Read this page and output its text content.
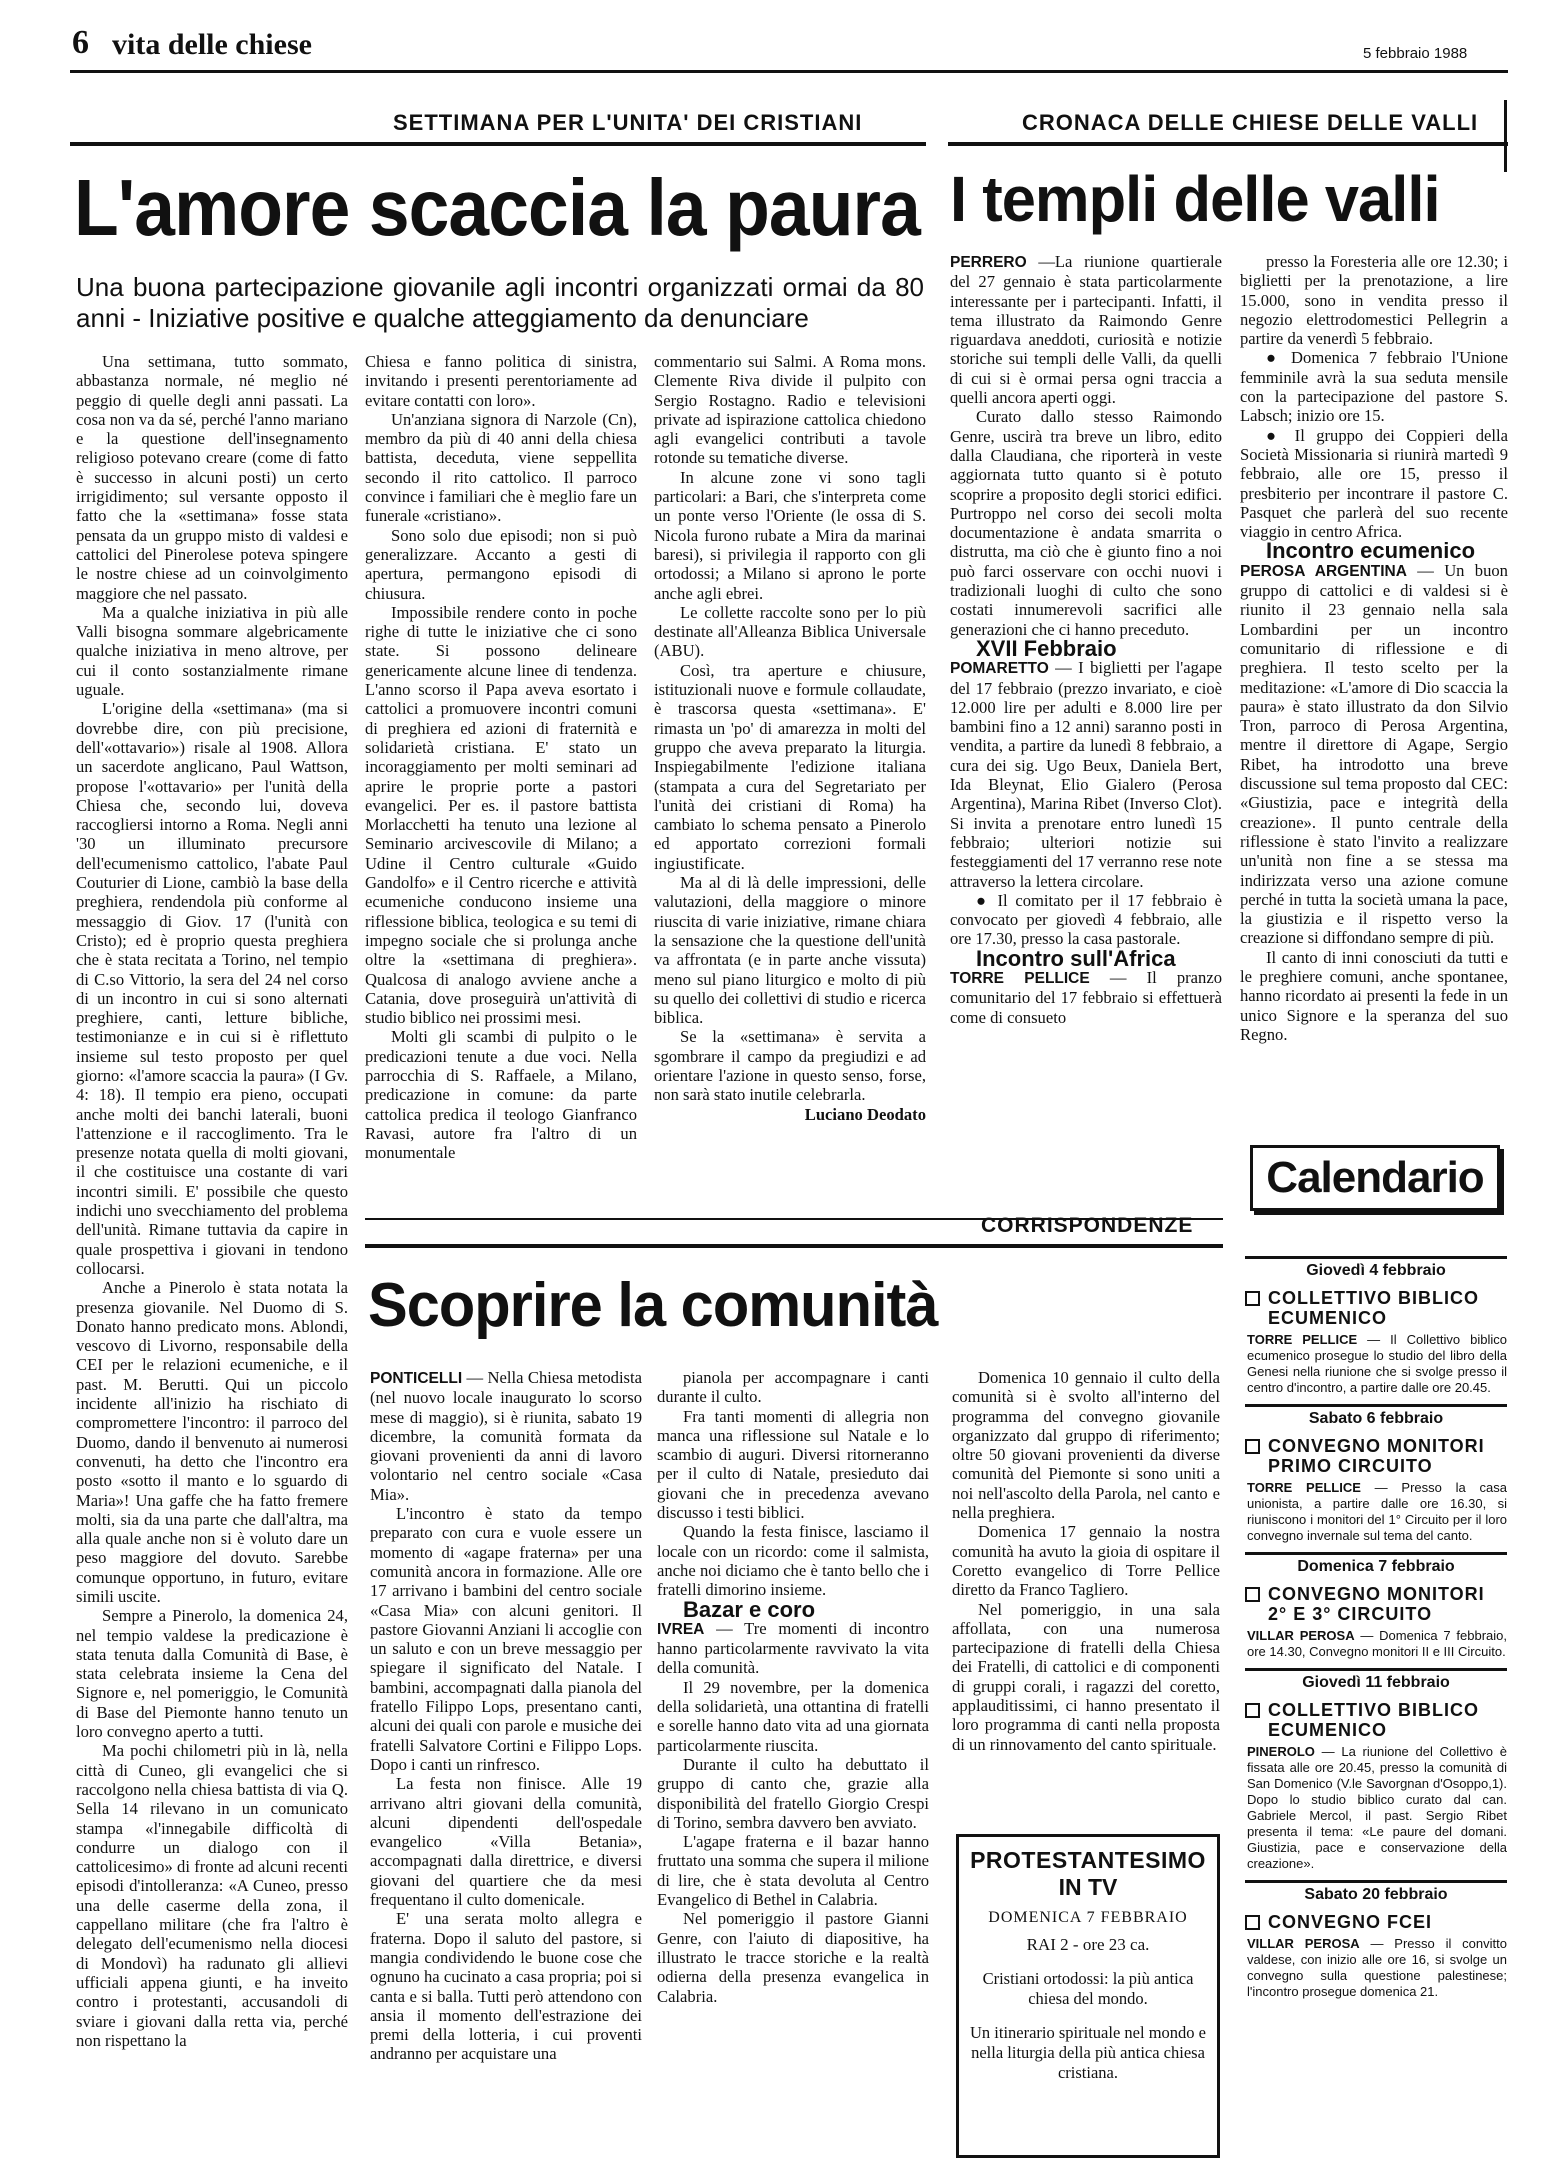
6 vita delle chiese	5 febbraio 1988
SETTIMANA PER L'UNITA' DEI CRISTIANI
L'amore scaccia la paura
Una buona partecipazione giovanile agli incontri organizzati ormai da 80 anni - Iniziative positive e qualche atteggiamento da denunciare

Una settimana, tutto sommato, abbastanza normale, né meglio né peggio di quelle degli anni passati. La cosa non va da sé, perché l'anno mariano e la questione dell'insegnamento religioso potevano creare (come di fatto è successo in alcuni posti) un certo irrigidimento; sul versante opposto il fatto che la «settimana» fosse stata pensata da un gruppo misto di valdesi e cattolici del Pinerolese poteva spingere le nostre chiese ad un coinvolgimento maggiore che nel passato.

Ma a qualche iniziativa in più alle Valli bisogna sommare algebricamente qualche iniziativa in meno altrove, per cui il conto sostanzialmente rimane uguale.

L'origine della «settimana» (ma si dovrebbe dire, con più precisione, dell'«ottavario») risale al 1908. Allora un sacerdote anglicano, Paul Wattson, propose l'«ottavario» per l'unità della Chiesa che, secondo lui, doveva raccogliersi intorno a Roma. Negli anni '30 un illuminato precursore dell'ecumenismo cattolico, l'abate Paul Couturier di Lione, cambiò la base della preghiera, rendendola più conforme al messaggio di Giov. 17 (l'unità con Cristo); ed è proprio questa preghiera che è stata recitata a Torino, nel tempio di C.so Vittorio, la sera del 24 nel corso di un incontro in cui si sono alternati preghiere, canti, letture bibliche, testimonianze e in cui si è riflettuto insieme sul testo proposto per quel giorno: «l'amore scaccia la paura» (I Gv. 4: 18). Il tempio era pieno, occupati anche molti dei banchi laterali, buoni l'attenzione e il raccoglimento. Tra le presenze notata quella di molti giovani, il che costituisce una costante di vari incontri simili. E' possibile che questo indichi uno svecchiamento del problema dell'unità. Rimane tuttavia da capire in quale prospettiva i giovani in tendono collocarsi.

Anche a Pinerolo è stata notata la presenza giovanile. Nel Duomo di S. Donato hanno predicato mons. Ablondi, vescovo di Livorno, responsabile della CEI per le relazioni ecumeniche, e il past. M. Berutti. Qui un piccolo incidente all'inizio ha rischiato di compromettere l'incontro: il parroco del Duomo, dando il benvenuto ai numerosi convenuti, ha detto che l'incontro era posto «sotto il manto e lo sguardo di Maria»! Una gaffe che ha fatto fremere molti, sia da una parte che dall'altra, ma alla quale anche non si è voluto dare un peso maggiore del dovuto. Sarebbe comunque opportuno, in futuro, evitare simili uscite.

Sempre a Pinerolo, la domenica 24, nel tempio valdese la predicazione è stata tenuta dalla Comunità di Base, è stata celebrata insieme la Cena del Signore e, nel pomeriggio, le Comunità di Base del Piemonte hanno tenuto un loro convegno aperto a tutti.

Ma pochi chilometri più in là, nella città di Cuneo, gli evangelici che si raccolgono nella chiesa battista di via Q. Sella 14 rilevano in un comunicato stampa «l'innegabile difficoltà di condurre un dialogo con il cattolicesimo» di fronte ad alcuni recenti episodi d'intolleranza: «A Cuneo, presso una delle caserme della zona, il cappellano militare (che fra l'altro è delegato dell'ecumenismo nella diocesi di Mondovì) ha radunato gli allievi ufficiali appena giunti, e ha inveito contro i protestanti, accusandoli di sviare i giovani dalla retta via, perché non rispettano la

Chiesa e fanno politica di sinistra, invitando i presenti perentoriamente ad evitare contatti con loro».

Un'anziana signora di Narzole (Cn), membro da più di 40 anni della chiesa battista, deceduta, viene seppellita secondo il rito cattolico. Il parroco convince i familiari che è meglio fare un funerale «cristiano».

Sono solo due episodi; non si può generalizzare. Accanto a gesti di apertura, permangono episodi di chiusura.

Impossibile rendere conto in poche righe di tutte le iniziative che ci sono state. Si possono delineare genericamente alcune linee di tendenza. L'anno scorso il Papa aveva esortato i cattolici a promuovere incontri comuni di preghiera ed azioni di fraternità e solidarietà cristiana. E' stato un incoraggiamento per molti seminari ad aprire le proprie porte a pastori evangelici. Per es. il pastore battista Morlacchetti ha tenuto una lezione al Seminario arcivescovile di Milano; a Udine il Centro culturale «Guido Gandolfo» e il Centro ricerche e attività ecumeniche conducono insieme una riflessione biblica, teologica e su temi di impegno sociale che si prolunga anche oltre la «settimana di preghiera». Qualcosa di analogo avviene anche a Catania, dove proseguirà un'attività di studio biblico nei prossimi mesi.

Molti gli scambi di pulpito o le predicazioni tenute a due voci. Nella parrocchia di S. Raffaele, a Milano, predicazione in comune: da parte cattolica predica il teologo Gianfranco Ravasi, autore fra l'altro di un monumentale

commentario sui Salmi. A Roma mons. Clemente Riva divide il pulpito con Sergio Rostagno. Radio e televisioni private ad ispirazione cattolica chiedono agli evangelici contributi a tavole rotonde su tematiche diverse.

In alcune zone vi sono tagli particolari: a Bari, che s'interpreta come un ponte verso l'Oriente (le ossa di S. Nicola furono rubate a Mira da marinai baresi), si privilegia il rapporto con gli ortodossi; a Milano si aprono le porte anche agli ebrei.

Le collette raccolte sono per lo più destinate all'Alleanza Biblica Universale (ABU).

Così, tra aperture e chiusure, istituzionali nuove e formule collaudate, è trascorsa questa «settimana». E' rimasta un 'po' di amarezza in molti del gruppo che aveva preparato la liturgia. Inspiegabilmente l'edizione italiana (stampata a cura del Segretariato per l'unità dei cristiani di Roma) ha cambiato lo schema pensato a Pinerolo ed apportato correzioni formali ingiustificate.

Ma al di là delle impressioni, delle valutazioni, della maggiore o minore riuscita di varie iniziative, rimane chiara la sensazione che la questione dell'unità va affrontata (e in parte anche vissuta) meno sul piano liturgico e molto di più su quello dei collettivi di studio e ricerca biblica.

Se la «settimana» è servita a sgombrare il campo da pregiudizi e ad orientare l'azione in questo senso, forse, non sarà stato inutile celebrarla.

Luciano Deodato

CRONACA DELLE CHIESE DELLE VALLI
I templi delle valli

PERRERO —La riunione quartierale del 27 gennaio è stata particolarmente interessante per i partecipanti. Infatti, il tema illustrato da Raimondo Genre riguardava aneddoti, curiosità e notizie storiche sui templi delle Valli, da quelli di cui si è ormai persa ogni traccia a quelli ancora aperti oggi.

Curato dallo stesso Raimondo Genre, uscirà tra breve un libro, edito dalla Claudiana, che riporterà in veste aggiornata tutto quanto si è potuto scoprire a proposito degli storici edifici. Purtroppo nel corso dei secoli molta documentazione è andata smarrita o distrutta, ma ciò che è giunto fino a noi può farci osservare con occhi nuovi i tradizionali luoghi di culto che sono costati innumerevoli sacrifici alle generazioni che ci hanno preceduto.

XVII Febbraio

POMARETTO — I biglietti per l'agape del 17 febbraio (prezzo invariato, e cioè 12.000 lire per adulti e 8.000 lire per bambini fino a 12 anni) saranno posti in vendita, a partire da lunedì 8 febbraio, a cura dei sig. Ugo Beux, Daniela Bert, Ida Bleynat, Elio Gialero (Perosa Argentina), Marina Ribet (Inverso Clot). Si invita a prenotare entro lunedì 15 febbraio; ulteriori notizie sui festeggiamenti del 17 verranno rese note attraverso la lettera circolare.

● Il comitato per il 17 febbraio è convocato per giovedì 4 febbraio, alle ore 17.30, presso la casa pastorale.

Incontro sull'Africa

TORRE PELLICE — Il pranzo comunitario del 17 febbraio si effettuerà come di consueto

presso la Foresteria alle ore 12.30; i biglietti per la prenotazione, a lire 15.000, sono in vendita presso il negozio elettrodomestici Pellegrin a partire da venerdì 5 febbraio.

● Domenica 7 febbraio l'Unione femminile avrà la sua seduta mensile con la partecipazione del pastore S. Labsch; inizio ore 15.

● Il gruppo dei Coppieri della Società Missionaria si riunirà martedì 9 febbraio, alle ore 15, presso il presbiterio per incontrare il pastore C. Pasquet che parlerà del suo recente viaggio in centro Africa.

Incontro ecumenico

PEROSA ARGENTINA — Un buon gruppo di cattolici e di valdesi si è riunito il 23 gennaio nella sala Lombardini per un incontro comunitario di riflessione e di preghiera. Il testo scelto per la meditazione: «L'amore di Dio scaccia la paura» è stato illustrato da don Silvio Tron, parroco di Perosa Argentina, mentre il direttore di Agape, Sergio Ribet, ha introdotto una breve discussione sul tema proposto dal CEC: «Giustizia, pace e integrità della creazione». Il punto centrale della riflessione è stato l'invito a realizzare un'unità non fine a se stessa ma indirizzata verso una azione comune perché in tutta la società umana la pace, la giustizia e il rispetto verso la creazione si diffondano sempre di più.

Il canto di inni conosciuti da tutti e le preghiere comuni, anche spontanee, hanno ricordato ai presenti la fede in un unico Signore e la speranza del suo Regno.

Calendario
Giovedì 4 febbraio
COLLETTIVO BIBLICO ECUMENICO
TORRE PELLICE — Il Collettivo biblico ecumenico prosegue lo studio del libro della Genesi nella riunione che si svolge presso il centro d'incontro, a partire dalle ore 20.45.
Sabato 6 febbraio
CONVEGNO MONITORI PRIMO CIRCUITO
TORRE PELLICE — Presso la casa unionista, a partire dalle ore 16.30, si riuniscono i monitori del 1° Circuito per il loro convegno invernale sul tema del canto.
Domenica 7 febbraio
CONVEGNO MONITORI 2° E 3° CIRCUITO
VILLAR PEROSA — Domenica 7 febbraio, ore 14.30, Convegno monitori II e III Circuito.
Giovedì 11 febbraio
COLLETTIVO BIBLICO ECUMENICO
PINEROLO — La riunione del Collettivo è fissata alle ore 20.45, presso la comunità di San Domenico (V.le Savorgnan d'Osoppo,1). Dopo lo studio biblico curato dal can. Gabriele Mercol, il past. Sergio Ribet presenta il tema: «Le paure del domani. Giustizia, pace e conservazione della creazione».
Sabato 20 febbraio
CONVEGNO FCEI
VILLAR PEROSA — Presso il convitto valdese, con inizio alle ore 16, si svolge un convegno sulla questione palestinese; l'incontro prosegue domenica 21.
CORRISPONDENZE
Scoprire la comunità

PONTICELLI — Nella Chiesa metodista (nel nuovo locale inaugurato lo scorso mese di maggio), si è riunita, sabato 19 dicembre, la comunità formata da giovani provenienti da anni di lavoro volontario nel centro sociale «Casa Mia».

L'incontro è stato da tempo preparato con cura e vuole essere un momento di «agape fraterna» per una comunità ancora in formazione. Alle ore 17 arrivano i bambini del centro sociale «Casa Mia» con alcuni genitori. Il pastore Giovanni Anziani li accoglie con un saluto e con un breve messaggio per spiegare il significato del Natale. I bambini, accompagnati dalla pianola del fratello Filippo Lops, presentano canti, alcuni dei quali con parole e musiche dei fratelli Salvatore Cortini e Filippo Lops. Dopo i canti un rinfresco.

La festa non finisce. Alle 19 arrivano altri giovani della comunità, alcuni dipendenti dell'ospedale evangelico «Villa Betania», accompagnati dalla direttrice, e diversi giovani del quartiere che da mesi frequentano il culto domenicale.

E' una serata molto allegra e fraterna. Dopo il saluto del pastore, si mangia condividendo le buone cose che ognuno ha cucinato a casa propria; poi si canta e si balla. Tutti però attendono con ansia il momento dell'estrazione dei premi della lotteria, i cui proventi andranno per acquistare una

pianola per accompagnare i canti durante il culto.

Fra tanti momenti di allegria non manca una riflessione sul Natale e lo scambio di auguri. Diversi ritorneranno per il culto di Natale, presieduto dai giovani che in precedenza avevano discusso i testi biblici.

Quando la festa finisce, lasciamo il locale con un ricordo: come il salmista, anche noi diciamo che è tanto bello che i fratelli dimorino insieme.

Bazar e coro

IVREA — Tre momenti di incontro hanno particolarmente ravvivato la vita della comunità.

Il 29 novembre, per la domenica della solidarietà, una ottantina di fratelli e sorelle hanno dato vita ad una giornata particolarmente riuscita.

Durante il culto ha debuttato il gruppo di canto che, grazie alla disponibilità del fratello Giorgio Crespi di Torino, sembra davvero ben avviato.

L'agape fraterna e il bazar hanno fruttato una somma che supera il milione di lire, che è stata devoluta al Centro Evangelico di Bethel in Calabria.

Nel pomeriggio il pastore Gianni Genre, con l'aiuto di diapositive, ha illustrato le tracce storiche e la realtà odierna della presenza evangelica in Calabria.

Domenica 10 gennaio il culto della comunità si è svolto all'interno del programma del convegno giovanile organizzato dal gruppo di riferimento; oltre 50 giovani provenienti da diverse comunità del Piemonte si sono uniti a noi nell'ascolto della Parola, nel canto e nella preghiera.

Domenica 17 gennaio la nostra comunità ha avuto la gioia di ospitare il Coretto evangelico di Torre Pellice diretto da Franco Tagliero.

Nel pomeriggio, in una sala affollata, con una numerosa partecipazione di fratelli della Chiesa dei Fratelli, di cattolici e di componenti di gruppi corali, i ragazzi del coretto, applauditissimi, ci hanno presentato il loro programma di canti nella proposta di un rinnovamento del canto spirituale.

PROTESTANTESIMO
IN TV
DOMENICA 7 FEBBRAIO
RAI 2 - ore 23 ca.
Cristiani ortodossi: la più antica chiesa del mondo.
Un itinerario spirituale nel mondo e nella liturgia della più antica chiesa cristiana.
